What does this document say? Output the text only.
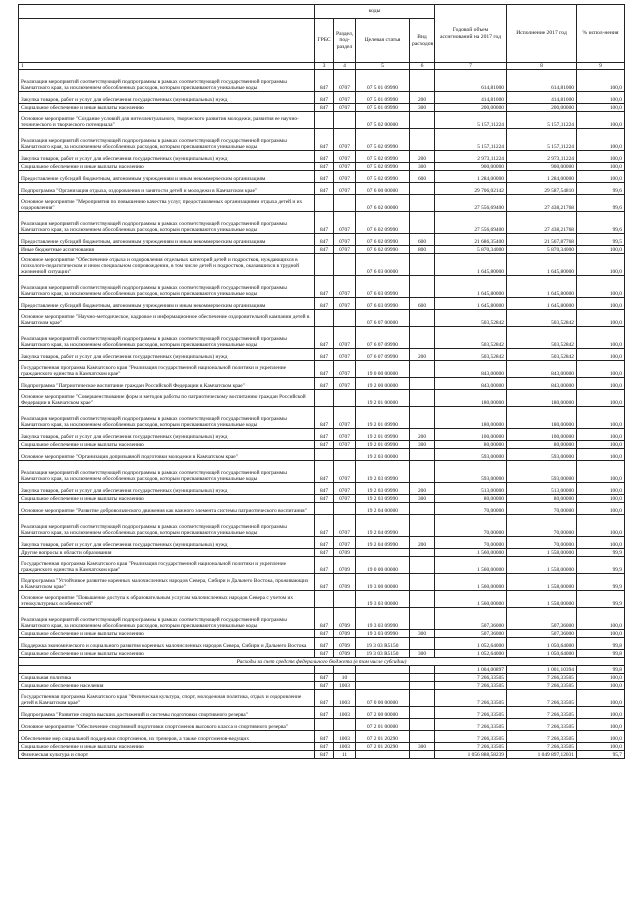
	коды				Годовой объем ассигнований на 2017 год	Исполнение 2017 год	% испол-нения
	ГРБС	Раздел, под-раздел	Целевая статья	Вид расходов			
1	3	4	5	6	7	8	9
Реализация мероприятий соответствующей подпрограммы в рамках соответствующей государственной программы Камчатского края, за исключением обособленных расходов, которым присваиваются уникальные коды	847	0707	07 5 01 09990		614,81000	614,81000	100,0
Закупка товаров, работ и услуг для обеспечения государственных (муниципальных) нужд	847	0707	07 5 01 09990	200	414,81000	414,81000	100,0
Социальное обеспечение и иные выплаты населению	847	0707	07 5 01 09990	300	200,00000	200,00000	100,0
Основное мероприятие "Создание условий для интеллектуального, творческого развития молодежи, развития ее научно-технического и творческого потенциала"			07 5 02 00000		5 157,11224	5 157,11224	100,0
Реализация мероприятий соответствующей подпрограммы в рамках соответствующей государственной программы Камчатского края, за исключением обособленных расходов, которым присваиваются уникальные коды	847	0707	07 5 02 09990		5 157,11224	5 157,11224	100,0
Закупка товаров, работ и услуг для обеспечения государственных (муниципальных) нужд	847	0707	07 5 02 09990	200	2 973,11224	2 973,11224	100,0
Социальное обеспечение и иные выплаты населению	847	0707	07 5 02 09990	300	900,00000	900,00000	100,0
Предоставление субсидий бюджетным, автономным учреждениям и иным некоммерческим организациям	847	0707	07 5 02 09990	600	1 284,00000	1 284,00000	100,0
Подпрограмма "Организация отдыха, оздоровления и занятости детей и молодежи в Камчатском крае"	847	0707	07 6 00 00000		29 706,02142	29 587,54810	99,6
Основное мероприятие "Мероприятия по повышению качества услуг, предоставляемых организациями отдыха детей и их оздоровления"			07 6 02 00000		27 556,69400	27 438,21768	99,6
Реализация мероприятий соответствующей подпрограммы в рамках соответствующей государственной программы Камчатского края, за исключением обособленных расходов, которым присваиваются уникальные коды	847	0707	07 6 02 09990		27 556,69400	27 438,21768	99,6
Предоставление субсидий бюджетным, автономным учреждениям и иным некоммерческим организациям	847	0707	07 6 02 09990	600	21 686,35400	21 567,87768	99,5
Иные бюджетные ассигнования	847	0707	07 6 02 09990	800	5 870,34000	5 870,34000	100,0
Основное мероприятие "Обеспечение отдыха и оздоровления отдельных категорий детей и подростков, нуждающихся в психолого-педагогическом и ином специальном сопровождении, в том числе детей и подростков, оказавшихся в трудной жизненной ситуации"			07 6 03 00000		1 645,80000	1 645,80000	100,0
Реализация мероприятий соответствующей подпрограммы в рамках соответствующей государственной программы Камчатского края, за исключением обособленных расходов, которым присваиваются уникальные коды	847	0707	07 6 03 09990		1 645,80000	1 645,80000	100,0
Предоставление субсидий бюджетным, автономным учреждениям и иным некоммерческим организациям	847	0707	07 6 03 09990	600	1 645,80000	1 645,80000	100,0
Основное мероприятие "Научно-методическое, кадровое и информационное обеспечение оздоровительной кампании детей в Камчатском крае"			07 6 07 00000		503,52842	503,52842	100,0
Реализация мероприятий соответствующей подпрограммы в рамках соответствующей государственной программы Камчатского края, за исключением обособленных расходов, которым присваиваются уникальные коды	847	0707	07 6 07 09990		503,52842	503,52842	100,0
Закупка товаров, работ и услуг для обеспечения государственных (муниципальных) нужд	847	0707	07 6 07 09990	200	503,52842	503,52842	100,0
Государственная программа Камчатского края "Реализация государственной национальной политики и укрепление гражданского единства в Камчатском крае"	847	0707	19 0 00 00000		843,00000	843,00000	100,0
Подпрограмма "Патриотическое воспитание граждан Российской Федерации в Камчатском крае"	847	0707	19 2 00 00000		843,00000	843,00000	100,0
Основное мероприятие "Совершенствование форм и методов работы по патриотическому воспитанию граждан Российской Федерации в Камчатском крае"			19 2 01 00000		180,00000	180,00000	100,0
Реализация мероприятий соответствующей подпрограммы в рамках соответствующей государственной программы Камчатского края, за исключением обособленных расходов, которым присваиваются уникальные коды	847	0707	19 2 01 09990		180,00000	180,00000	100,0
Закупка товаров, работ и услуг для обеспечения государственных (муниципальных) нужд	847	0707	19 2 01 09990	200	100,00000	100,00000	100,0
Социальное обеспечение и иные выплаты населению	847	0707	19 2 01 09990	300	80,00000	80,00000	100,0
Основное мероприятие "Организация допризывной подготовки молодежи в Камчатском крае"			19 2 03 00000		593,00000	593,00000	100,0
Реализация мероприятий соответствующей подпрограммы в рамках соответствующей государственной программы Камчатского края, за исключением обособленных расходов, которым присваиваются уникальные коды	847	0707	19 2 03 09990		593,00000	593,00000	100,0
Закупка товаров, работ и услуг для обеспечения государственных (муниципальных) нужд	847	0707	19 2 03 09990	200	513,00000	513,00000	100,0
Социальное обеспечение и иные выплаты населению	847	0707	19 2 03 09990	300	80,00000	80,00000	100,0
Основное мероприятие "Развитие добровольческого движения как важного элемента системы патриотического воспитания"			19 2 04 00000		70,00000	70,00000	100,0
Реализация мероприятий соответствующей подпрограммы в рамках соответствующей государственной программы Камчатского края, за исключением обособленных расходов, которым присваиваются уникальные коды	847	0707	19 2 04 09990		70,00000	70,00000	100,0
Закупка товаров, работ и услуг для обеспечения государственных (муниципальных) нужд	847	0707	19 2 04 09990	200	70,00000	70,00000	100,0
Другие вопросы в области образования	847	0709			1 560,00000	1 558,00000	99,9
Государственная программа Камчатского края "Реализация государственной национальной политики и укрепление гражданского единства в Камчатском крае"	847	0709	19 0 00 00000		1 560,00000	1 558,00000	99,9
Подпрограмма "Устойчивое развитие коренных малочисленных народов Севера, Сибири и Дальнего Востока, проживающих в Камчатском крае"	847	0709	19 3 00 00000		1 560,00000	1 558,00000	99,9
Основное мероприятие "Повышение доступа к образовательным услугам малочисленных народов Севера с учетом их этнокультурных особенностей"			19 3 03 00000		1 560,00000	1 558,00000	99,9
Реализация мероприятий соответствующей подпрограммы в рамках соответствующей государственной программы Камчатского края, за исключением обособленных расходов, которым присваиваются уникальные коды	847	0709	19 3 03 09990		507,36000	507,36000	100,0
Социальное обеспечение и иные выплаты населению	847	0709	19 3 03 09990	300	507,36000	507,36000	100,0
Поддержка экономического и социального развития коренных малочисленных народов Севера, Сибири и Дальнего Востока	847	0709	19 3 03 R5150		1 052,64000	1 050,64000	99,8
Социальное обеспечение и иные выплаты населению	847	0709	19 3 03 R5150	300	1 052,64000	1 050,64000	99,8
Расходы за счет средств федерального бюджета (в том числе субсидии)							
					1 004,00897	1 001,10394	99,8
Социальная политика	847	10			7 266,33505	7 266,33505	100,0
Социальное обеспечение населения	847	1003			7 266,33505	7 266,33505	100,0
Государственная программа Камчатского края "Физическая культура, спорт, молодежная политика, отдых и оздоровление детей в Камчатском крае"	847	1003	07 0 00 00000		7 266,33505	7 266,33505	100,0
Подпрограмма "Развитие спорта высших достижений и системы подготовки спортивного резерва"	847	1003	07 2 00 00000		7 266,33505	7 266,33505	100,0
Основное мероприятие "Обеспечение спортивной подготовки спортсменов высокого класса и спортивного резерва"			07 2 01 00000		7 266,33505	7 266,33505	100,0
Обеспечение мер социальной поддержки спортсменов, их тренеров, а также спортсменов-ведущих	847	1003	07 2 01 20290		7 266,33505	7 266,33505	100,0
Социальное обеспечение и иные выплаты населению	847	1003	07 2 01 20290	300	7 266,33505	7 266,33505	100,0
Физическая культура и спорт	847	11			1 056 888,58239	1 049 897,12031	95,7
